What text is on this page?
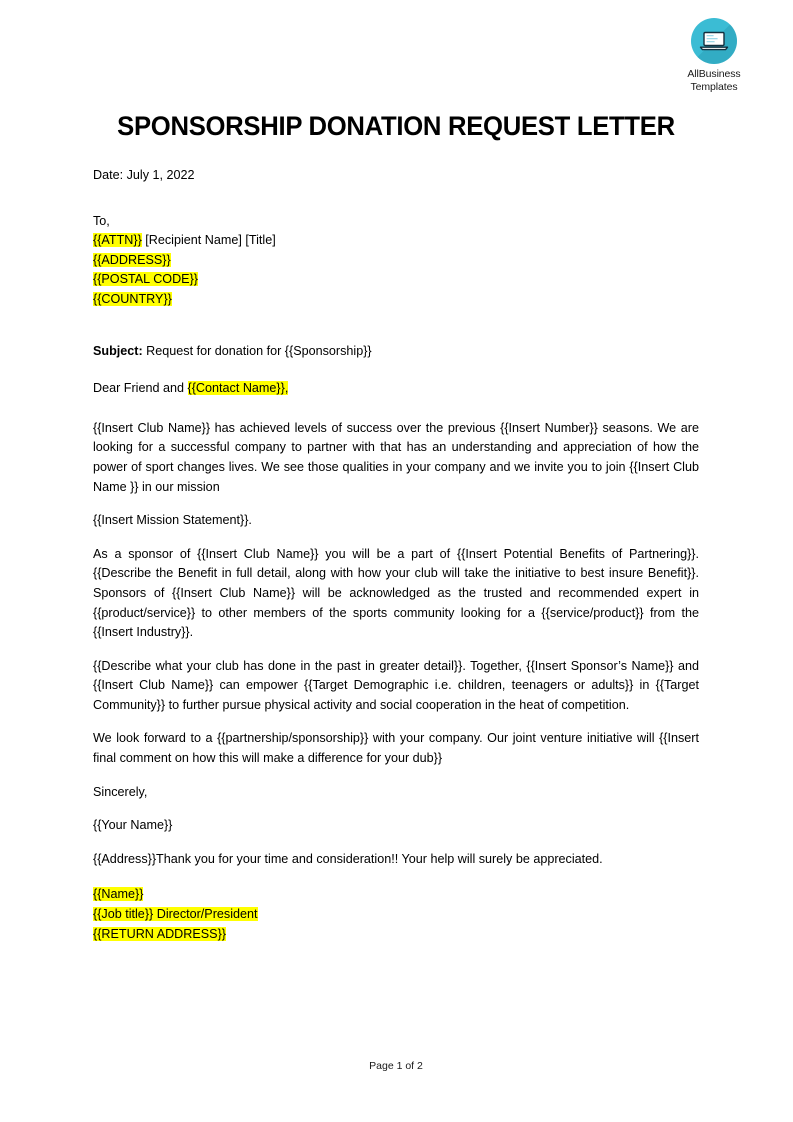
AllBusiness
Templates
SPONSORSHIP DONATION REQUEST LETTER

Date: July 1, 2022

To,

{{ATTN}} [Recipient Name] [Title]

{{ADDRESS}}

{{POSTAL CODE}}

{{COUNTRY}}

Subject: Request for donation for {{Sponsorship}}

Dear Friend and {{Contact Name}},

{{Insert Club Name}} has achieved levels of success over the previous {{Insert Number}} seasons. We are looking for a successful company to partner with that has an understanding and appreciation of how the power of sport changes lives. We see those qualities in your company and we invite you to join {{Insert Club Name }} in our mission

{{Insert Mission Statement}}.

As a sponsor of {{Insert Club Name}} you will be a part of {{Insert Potential Benefits of Partnering}}. {{Describe the Benefit in full detail, along with how your club will take the initiative to best insure Benefit}}. Sponsors of {{Insert Club Name}} will be acknowledged as the trusted and recommended expert in {{product/service}} to other members of the sports community looking for a {{service/product}} from the {{Insert Industry}}.

{{Describe what your club has done in the past in greater detail}}. Together, {{Insert Sponsor’s Name}} and {{Insert Club Name}} can empower {{Target Demographic i.e. children, teenagers or adults}} in {{Target Community}} to further pursue physical activity and social cooperation in the heat of competition.

We look forward to a {{partnership/sponsorship}} with your company. Our joint venture initiative will {{Insert final comment on how this will make a difference for your dub}}

Sincerely,

{{Your Name}}

{{Address}}Thank you for your time and consideration!! Your help will surely be appreciated.

{{Name}}

{{Job title}} Director/President

{{RETURN ADDRESS}}

Page 1 of 2
